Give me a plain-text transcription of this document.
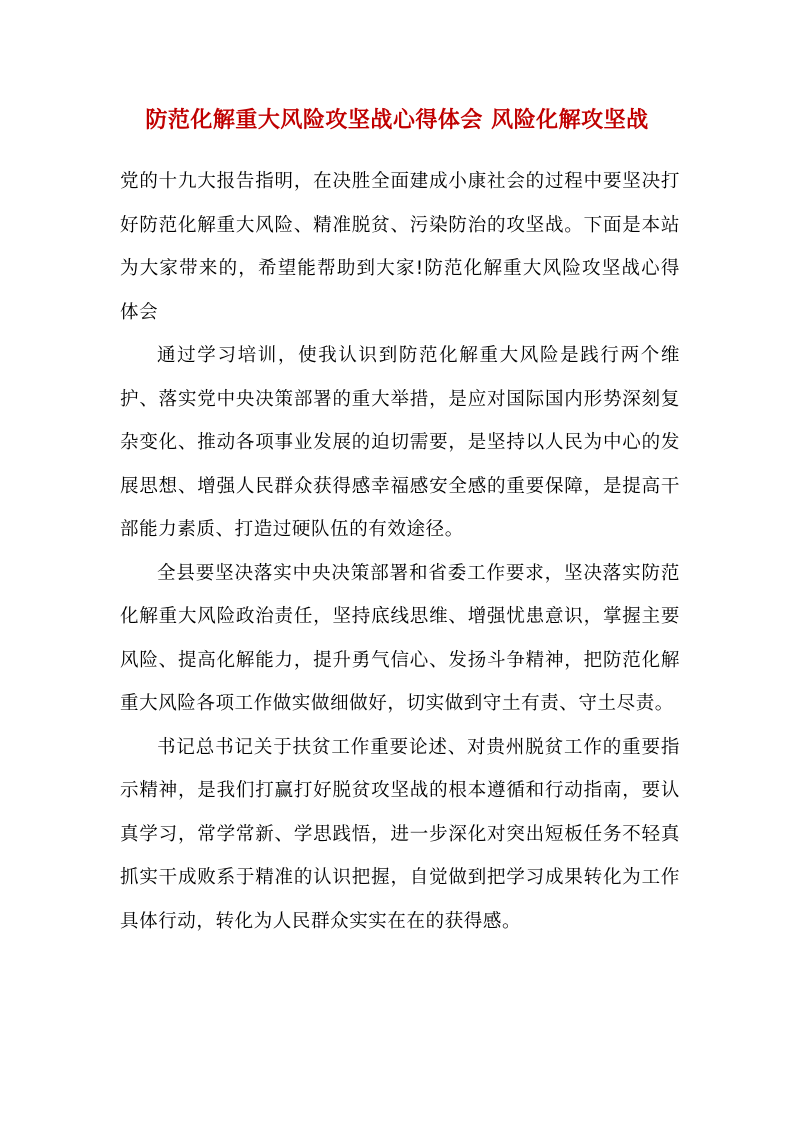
防范化解重大风险攻坚战心得体会 风险化解攻坚战

党的十九大报告指明，在决胜全面建成小康社会的过程中要坚决打好防范化解重大风险、精准脱贫、污染防治的攻坚战。下面是本站为大家带来的，希望能帮助到大家!防范化解重大风险攻坚战心得体会

通过学习培训，使我认识到防范化解重大风险是践行两个维护、落实党中央决策部署的重大举措，是应对国际国内形势深刻复杂变化、推动各项事业发展的迫切需要，是坚持以人民为中心的发展思想、增强人民群众获得感幸福感安全感的重要保障，是提高干部能力素质、打造过硬队伍的有效途径。

全县要坚决落实中央决策部署和省委工作要求，坚决落实防范化解重大风险政治责任，坚持底线思维、增强忧患意识，掌握主要风险、提高化解能力，提升勇气信心、发扬斗争精神，把防范化解重大风险各项工作做实做细做好，切实做到守土有责、守土尽责。

书记总书记关于扶贫工作重要论述、对贵州脱贫工作的重要指示精神，是我们打赢打好脱贫攻坚战的根本遵循和行动指南，要认真学习，常学常新、学思践悟，进一步深化对突出短板任务不轻真抓实干成败系于精准的认识把握，自觉做到把学习成果转化为工作具体行动，转化为人民群众实实在在的获得感。
